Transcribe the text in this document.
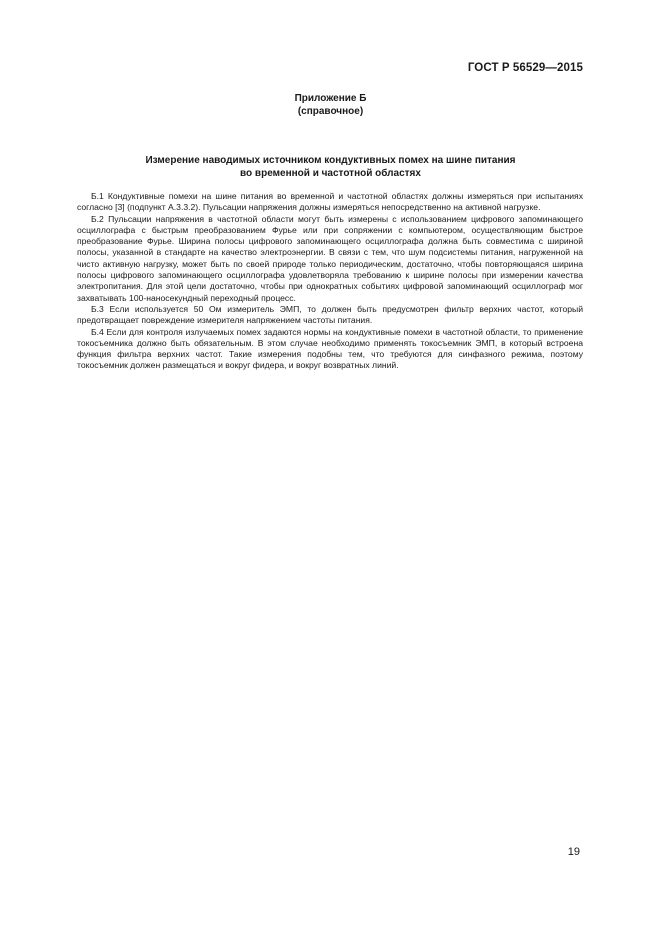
ГОСТ Р 56529—2015
Приложение Б
(справочное)
Измерение наводимых источником кондуктивных помех на шине питания
во временной и частотной областях

Б.1 Кондуктивные помехи на шине питания во временной и частотной областях должны измеряться при испытаниях согласно [3] (подпункт А.3.3.2). Пульсации напряжения должны измеряться непосредственно на активной нагрузке.

Б.2 Пульсации напряжения в частотной области могут быть измерены с использованием цифрового запоминающего осциллографа с быстрым преобразованием Фурье или при сопряжении с компьютером, осуществляющим быстрое преобразование Фурье. Ширина полосы цифрового запоминающего осциллографа должна быть совместима с шириной полосы, указанной в стандарте на качество электроэнергии. В связи с тем, что шум подсистемы питания, нагруженной на чисто активную нагрузку, может быть по своей природе только периодическим, достаточно, чтобы повторяющаяся ширина полосы цифрового запоминающего осциллографа удовлетворяла требованию к ширине полосы при измерении качества электропитания. Для этой цели достаточно, чтобы при однократных событиях цифровой запоминающий осциллограф мог захватывать 100-наносекундный переходный процесс.

Б.3 Если используется 50 Ом измеритель ЭМП, то должен быть предусмотрен фильтр верхних частот, который предотвращает повреждение измерителя напряжением частоты питания.

Б.4 Если для контроля излучаемых помех задаются нормы на кондуктивные помехи в частотной области, то применение токосъемника должно быть обязательным. В этом случае необходимо применять токосъемник ЭМП, в который встроена функция фильтра верхних частот. Такие измерения подобны тем, что требуются для синфазного режима, поэтому токосъемник должен размещаться и вокруг фидера, и вокруг возвратных линий.

19
